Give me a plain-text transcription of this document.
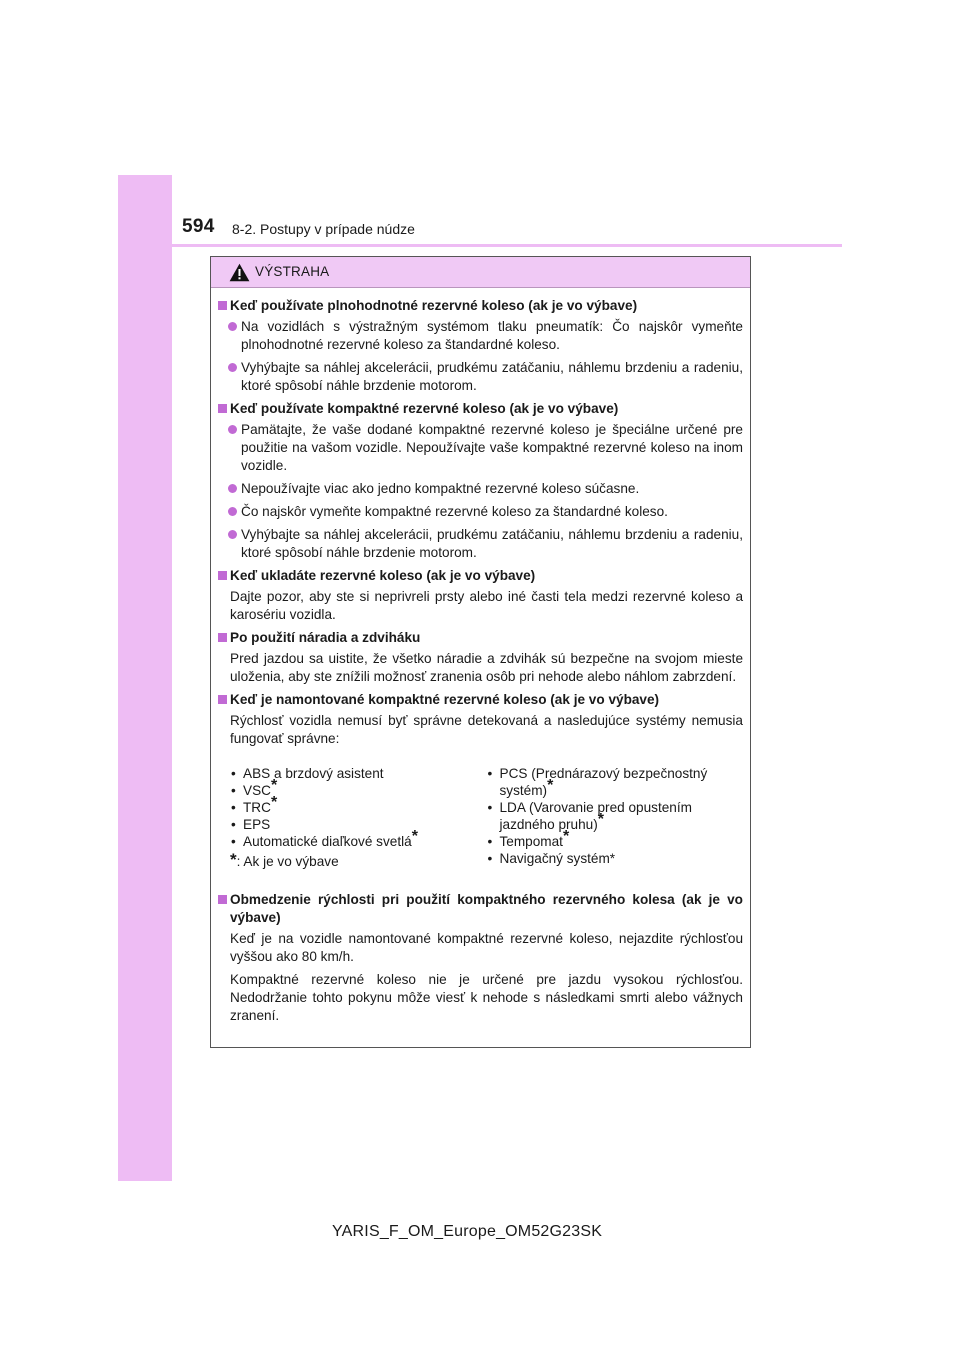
594 8-2. Postupy v prípade núdze
VÝSTRAHA
Keď používate plnohodnotné rezervné koleso (ak je vo výbave)
Na vozidlách s výstražným systémom tlaku pneumatík: Čo najskôr vymeňte plnohodnotné rezervné koleso za štandardné koleso.
Vyhýbajte sa náhlej akcelerácii, prudkému zatáčaniu, náhlemu brzdeniu a radeniu, ktoré spôsobí náhle brzdenie motorom.
Keď používate kompaktné rezervné koleso (ak je vo výbave)
Pamätajte, že vaše dodané kompaktné rezervné koleso je špeciálne určené pre použitie na vašom vozidle. Nepoužívajte vaše kompaktné rezervné koleso na inom vozidle.
Nepoužívajte viac ako jedno kompaktné rezervné koleso súčasne.
Čo najskôr vymeňte kompaktné rezervné koleso za štandardné koleso.
Vyhýbajte sa náhlej akcelerácii, prudkému zatáčaniu, náhlemu brzdeniu a radeniu, ktoré spôsobí náhle brzdenie motorom.
Keď ukladáte rezervné koleso (ak je vo výbave)
Dajte pozor, aby ste si neprivreli prsty alebo iné časti tela medzi rezervné koleso a karosériu vozidla.
Po použití náradia a zdviháku
Pred jazdou sa uistite, že všetko náradie a zdvihák sú bezpečne na svojom mieste uloženia, aby ste znížili možnosť zranenia osôb pri nehode alebo náhlom zabrzdení.
Keď je namontované kompaktné rezervné koleso (ak je vo výbave)
Rýchlosť vozidla nemusí byť správne detekovaná a nasledujúce systémy nemusia fungovať správne:
• ABS a brzdový asistent
• VSC*
• TRC*
• EPS
• Automatické diaľkové svetlá*
*: Ak je vo výbave
• PCS (Prednárazový bezpečnostný systém)*
• LDA (Varovanie pred opustením jazdného pruhu)*
• Tempomat*
• Navigačný systém*
Obmedzenie rýchlosti pri použití kompaktného rezervného kolesa (ak je vo výbave)
Keď je na vozidle namontované kompaktné rezervné koleso, nejazdite rýchlosťou vyššou ako 80 km/h.
Kompaktné rezervné koleso nie je určené pre jazdu vysokou rýchlosťou. Nedodržanie tohto pokynu môže viesť k nehode s následkami smrti alebo vážnych zranení.
YARIS_F_OM_Europe_OM52G23SK
